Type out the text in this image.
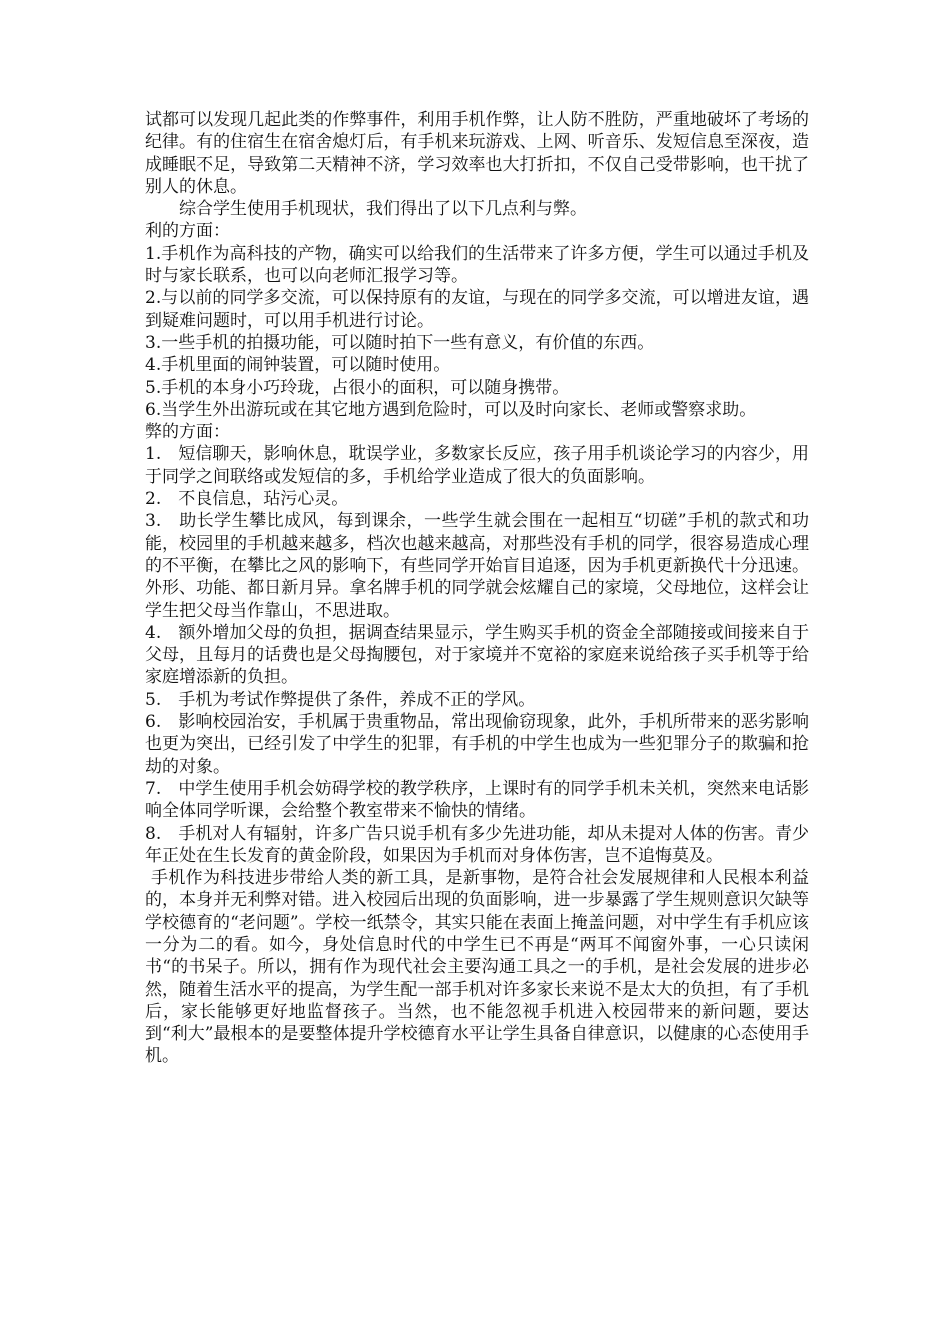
试都可以发现几起此类的作弊事件，利用手机作弊，让人防不胜防，严重地破坏了考场的纪律。有的住宿生在宿舍熄灯后，有手机来玩游戏、上网、听音乐、发短信息至深夜，造成睡眠不足，导致第二天精神不济，学习效率也大打折扣，不仅自己受带影响，也干扰了别人的休息。

综合学生使用手机现状，我们得出了以下几点利与弊。

利的方面：

1.手机作为高科技的产物，确实可以给我们的生活带来了许多方便，学生可以通过手机及时与家长联系，也可以向老师汇报学习等。

2.与以前的同学多交流，可以保持原有的友谊，与现在的同学多交流，可以增进友谊，遇到疑难问题时，可以用手机进行讨论。

3.一些手机的拍摄功能，可以随时拍下一些有意义，有价值的东西。

4.手机里面的闹钟装置，可以随时使用。

5.手机的本身小巧玲珑，占很小的面积，可以随身携带。

6.当学生外出游玩或在其它地方遇到危险时，可以及时向家长、老师或警察求助。

弊的方面：

1.　短信聊天，影响休息，耽误学业，多数家长反应，孩子用手机谈论学习的内容少，用于同学之间联络或发短信的多，手机给学业造成了很大的负面影响。

2.　不良信息，玷污心灵。

3.　助长学生攀比成风，每到课余，一些学生就会围在一起相互“切磋”手机的款式和功能，校园里的手机越来越多，档次也越来越高，对那些没有手机的同学，很容易造成心理的不平衡，在攀比之风的影响下，有些同学开始盲目追逐，因为手机更新换代十分迅速。外形、功能、都日新月异。拿名牌手机的同学就会炫耀自己的家境，父母地位，这样会让学生把父母当作靠山，不思进取。

4.　额外增加父母的负担，据调查结果显示，学生购买手机的资金全部随接或间接来自于父母，且每月的话费也是父母掏腰包，对于家境并不宽裕的家庭来说给孩子买手机等于给家庭增添新的负担。

5.　手机为考试作弊提供了条件，养成不正的学风。

6.　影响校园治安，手机属于贵重物品，常出现偷窃现象，此外，手机所带来的恶劣影响也更为突出，已经引发了中学生的犯罪，有手机的中学生也成为一些犯罪分子的欺骗和抢劫的对象。

7.　中学生使用手机会妨碍学校的教学秩序，上课时有的同学手机未关机，突然来电话影响全体同学听课，会给整个教室带来不愉快的情绪。

8.　手机对人有辐射，许多广告只说手机有多少先进功能，却从未提对人体的伤害。青少年正处在生长发育的黄金阶段，如果因为手机而对身体伤害，岂不追悔莫及。

手机作为科技进步带给人类的新工具，是新事物，是符合社会发展规律和人民根本利益的，本身并无利弊对错。进入校园后出现的负面影响，进一步暴露了学生规则意识欠缺等学校德育的“老问题”。学校一纸禁令，其实只能在表面上掩盖问题，对中学生有手机应该一分为二的看。如今，身处信息时代的中学生已不再是“两耳不闻窗外事，一心只读闲书“的书呆子。所以，拥有作为现代社会主要沟通工具之一的手机，是社会发展的进步必然，随着生活水平的提高，为学生配一部手机对许多家长来说不是太大的负担，有了手机后，家长能够更好地监督孩子。当然，也不能忽视手机进入校园带来的新问题，要达到“利大”最根本的是要整体提升学校德育水平让学生具备自律意识，以健康的心态使用手机。
